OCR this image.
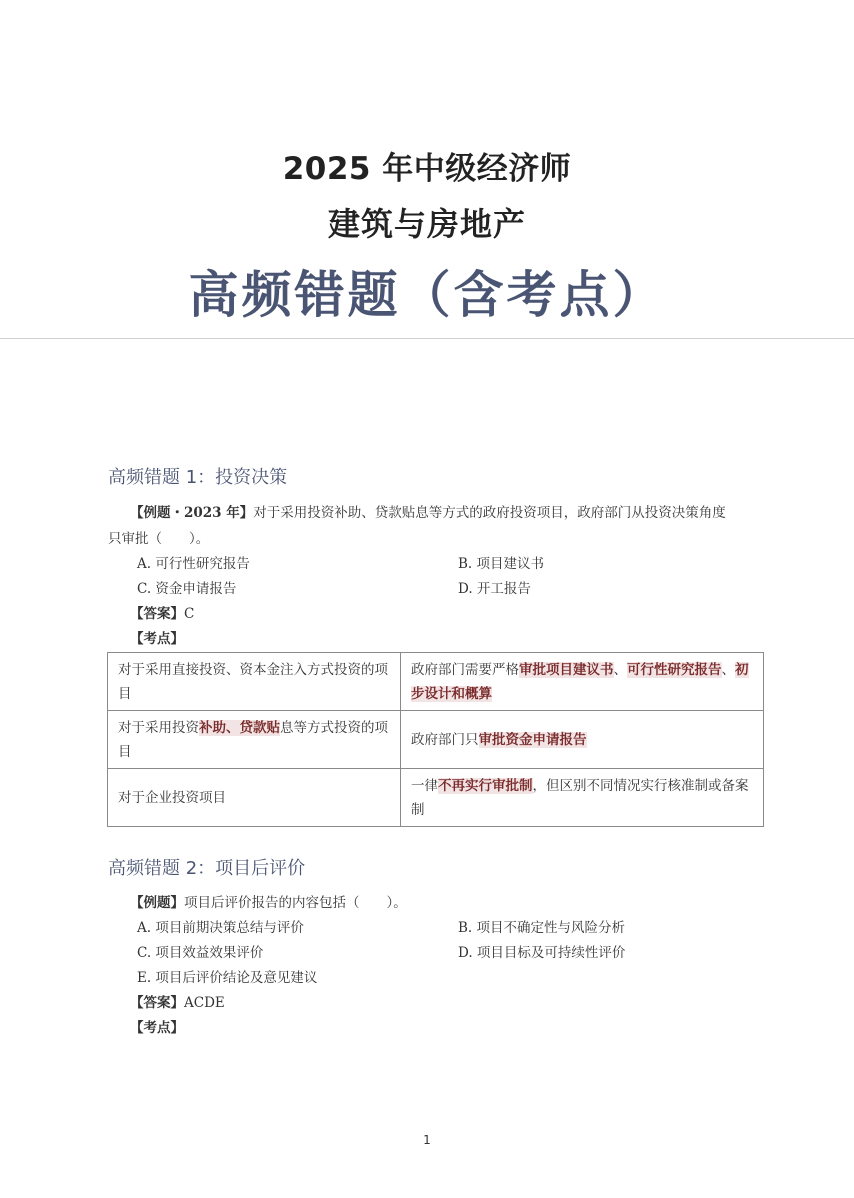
2025 年中级经济师
建筑与房地产
高频错题（含考点）
高频错题 1：投资决策
【例题・2023 年】对于采用投资补助、贷款贴息等方式的政府投资项目，政府部门从投资决策角度
只审批（　　）。
A. 可行性研究报告	B. 项目建议书
C. 资金申请报告	D. 开工报告
【答案】C
【考点】
对于采用直接投资、资本金注入方式投资的项目	政府部门需要严格审批项目建议书、可行性研究报告、初步设计和概算
对于采用投资补助、贷款贴息等方式投资的项目	政府部门只审批资金申请报告
对于企业投资项目	一律不再实行审批制，但区别不同情况实行核准制或备案制
高频错题 2：项目后评价
【例题】项目后评价报告的内容包括（　　）。
A. 项目前期决策总结与评价	B. 项目不确定性与风险分析
C. 项目效益效果评价	D. 项目目标及可持续性评价
E. 项目后评价结论及意见建议
【答案】ACDE
【考点】
1
